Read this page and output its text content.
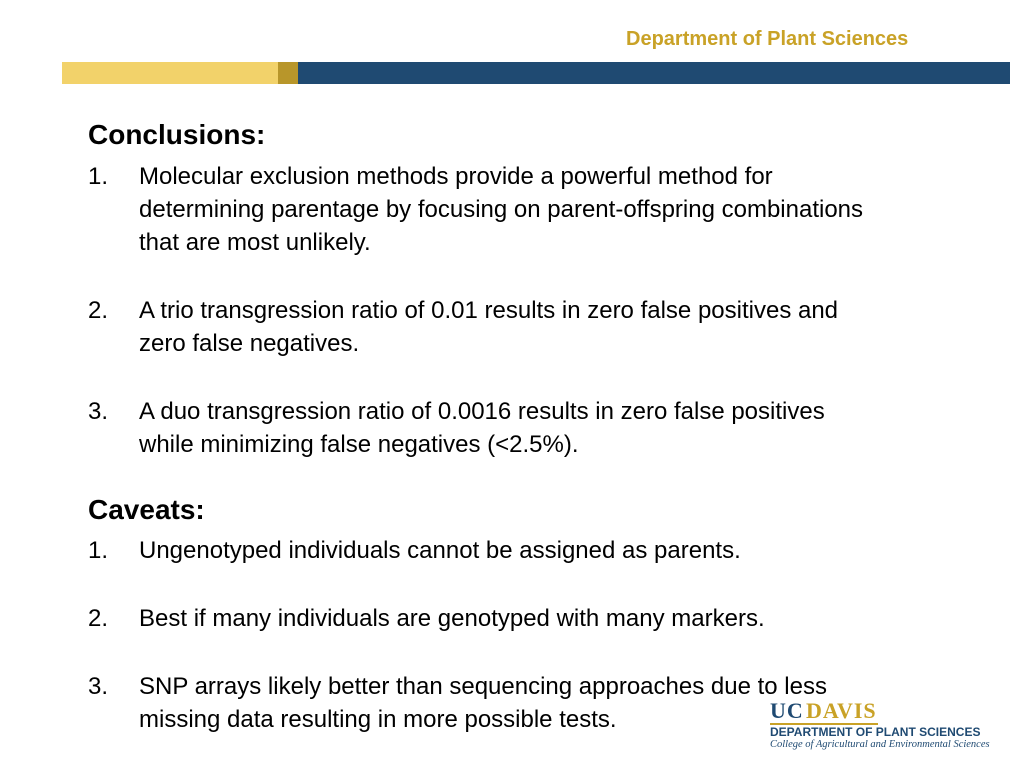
Department of Plant Sciences
Conclusions:
1. Molecular exclusion methods provide a powerful method for
determining parentage by focusing on parent-offspring combinations
that are most unlikely.
2. A trio transgression ratio of 0.01 results in zero false positives and
zero false negatives.
3. A duo transgression ratio of 0.0016 results in zero false positives
while minimizing false negatives (<2.5%).
Caveats:
1. Ungenotyped individuals cannot be assigned as parents.
2. Best if many individuals are genotyped with many markers.
3. SNP arrays likely better than sequencing approaches due to less
missing data resulting in more possible tests.	UC DAVIS
DEPARTMENT OF PLANT SCIENCES
College of Agricultural and Environmental Sciences
